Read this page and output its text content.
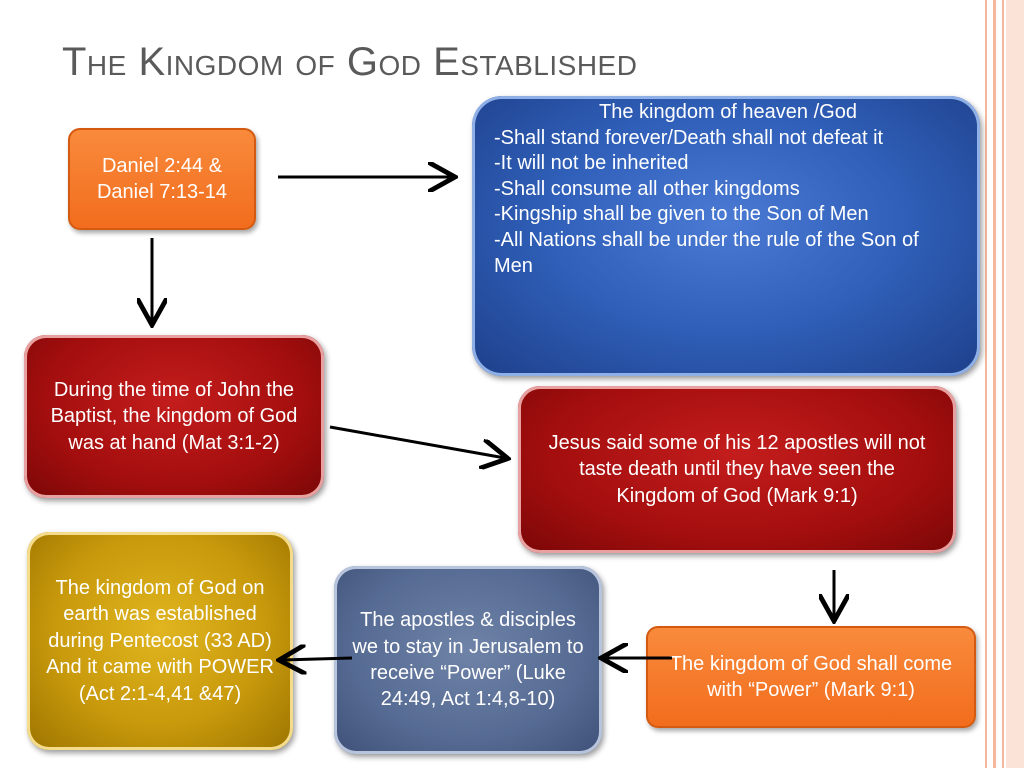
The Kingdom of God Established
Daniel 2:44 & Daniel 7:13-14
The kingdom of heaven /God
-Shall stand forever/Death shall not defeat it
-It will not be inherited
-Shall consume all other kingdoms
-Kingship shall be given to the Son of Men
-All Nations shall be under the rule of the Son of Men
During the time of John the Baptist, the kingdom of God was at hand (Mat 3:1-2)	Jesus said some of his 12 apostles will not taste death until they have seen the Kingdom of God (Mark 9:1)
The kingdom of God on earth was established during Pentecost (33 AD) And it came with POWER (Act 2:1-4,41 &47)
The apostles & disciples we to stay in Jerusalem to receive “Power” (Luke 24:49, Act 1:4,8-10)
The kingdom of God shall come with “Power” (Mark 9:1)
